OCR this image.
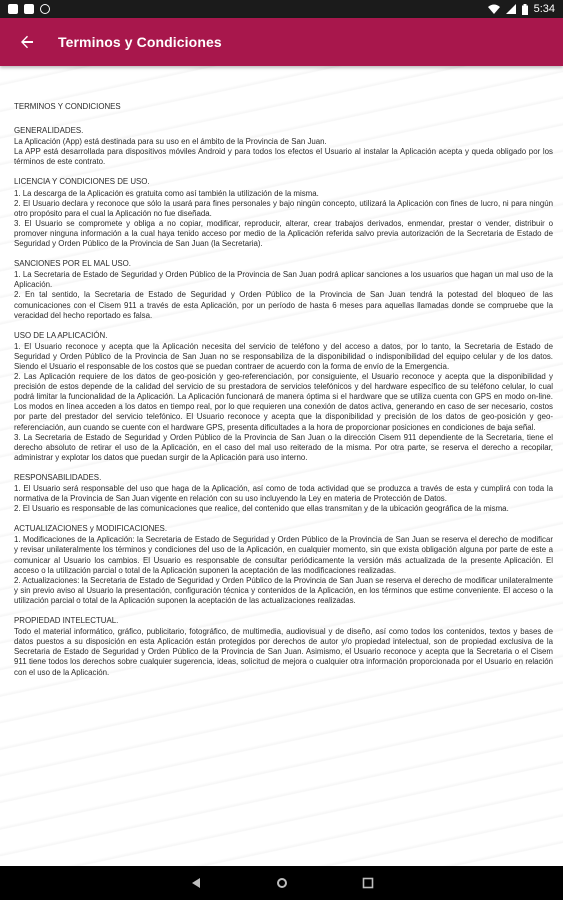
5:34
Terminos y Condiciones
TERMINOS Y CONDICIONES
GENERALIDADES.
La Aplicación (App) está destinada para su uso en el ámbito de la Provincia de San Juan.
La APP está desarrollada para dispositivos móviles Android y para todos los efectos el Usuario al instalar la Aplicación acepta y queda obligado por los términos de este contrato.
LICENCIA Y CONDICIONES DE USO.
1. La descarga de la Aplicación es gratuita como así también la utilización de la misma.
2. El Usuario declara y reconoce que sólo la usará para fines personales y bajo ningún concepto, utilizará la Aplicación con fines de lucro, ni para ningún otro propósito para el cual la Aplicación no fue diseñada.
3. El Usuario se compromete y obliga a no copiar, modificar, reproducir, alterar, crear trabajos derivados, enmendar, prestar o vender, distribuir o promover ninguna información a la cual haya tenido acceso por medio de la Aplicación referida salvo previa autorización de la Secretaria de Estado de Seguridad y Orden Público de la Provincia de San Juan (la Secretaria).
SANCIONES POR EL MAL USO.
1. La Secretaria de Estado de Seguridad y Orden Público de la Provincia de San Juan podrá aplicar sanciones a los usuarios que hagan un mal uso de la Aplicación.
2. En tal sentido, la Secretaria de Estado de Seguridad y Orden Público de la Provincia de San Juan tendrá la potestad del bloqueo de las comunicaciones con el Cisem 911 a través de esta Aplicación, por un período de hasta 6 meses para aquellas llamadas donde se compruebe que la veracidad del hecho reportado es falsa.
USO DE LA APLICACIÓN.
1. El Usuario reconoce y acepta que la Aplicación necesita del servicio de teléfono y del acceso a datos, por lo tanto, la Secretaria de Estado de Seguridad y Orden Público de la Provincia de San Juan no se responsabiliza de la disponibilidad o indisponibilidad del equipo celular y de los datos. Siendo el Usuario el responsable de los costos que se puedan contraer de acuerdo con la forma de envío de la Emergencia.
2. Las Aplicación requiere de los datos de geo-posición y geo-referenciación, por consiguiente, el Usuario reconoce y acepta que la disponibilidad y precisión de estos depende de la calidad del servicio de su prestadora de servicios telefónicos y del hardware específico de su teléfono celular, lo cual podrá limitar la funcionalidad de la Aplicación. La Aplicación funcionará de manera óptima si el hardware que se utiliza cuenta con GPS en modo on-line. Los modos en línea acceden a los datos en tiempo real, por lo que requieren una conexión de datos activa, generando en caso de ser necesario, costos por parte del prestador del servicio telefónico. El Usuario reconoce y acepta que la disponibilidad y precisión de los datos de geo-posición y geo-referenciación, aun cuando se cuente con el hardware GPS, presenta dificultades a la hora de proporcionar posiciones en condiciones de baja señal.
3. La Secretaria de Estado de Seguridad y Orden Público de la Provincia de San Juan o la dirección Cisem 911 dependiente de la Secretaria, tiene el derecho absoluto de retirar el uso de la Aplicación, en el caso del mal uso reiterado de la misma. Por otra parte, se reserva el derecho a recopilar, administrar y explotar los datos que puedan surgir de la Aplicación para uso interno.
RESPONSABILIDADES.
1. El Usuario será responsable del uso que haga de la Aplicación, así como de toda actividad que se produzca a través de esta y cumplirá con toda la normativa de la Provincia de San Juan vigente en relación con su uso incluyendo la Ley en materia de Protección de Datos.
2. El Usuario es responsable de las comunicaciones que realice, del contenido que ellas transmitan y de la ubicación geográfica de la misma.
ACTUALIZACIONES y MODIFICACIONES.
1. Modificaciones de la Aplicación: la Secretaria de Estado de Seguridad y Orden Público de la Provincia de San Juan se reserva el derecho de modificar y revisar unilateralmente los términos y condiciones del uso de la Aplicación, en cualquier momento, sin que exista obligación alguna por parte de este a comunicar al Usuario los cambios. El Usuario es responsable de consultar periódicamente la versión más actualizada de la presente Aplicación. El acceso o la utilización parcial o total de la Aplicación suponen la aceptación de las modificaciones realizadas.
2. Actualizaciones: la Secretaria de Estado de Seguridad y Orden Público de la Provincia de San Juan se reserva el derecho de modificar unilateralmente y sin previo aviso al Usuario la presentación, configuración técnica y contenidos de la Aplicación, en los términos que estime conveniente. El acceso o la utilización parcial o total de la Aplicación suponen la aceptación de las actualizaciones realizadas.
PROPIEDAD INTELECTUAL.
Todo el material informático, gráfico, publicitario, fotográfico, de multimedia, audiovisual y de diseño, así como todos los contenidos, textos y bases de datos puestos a su disposición en esta Aplicación están protegidos por derechos de autor y/o propiedad intelectual, son de propiedad exclusiva de la Secretaria de Estado de Seguridad y Orden Público de la Provincia de San Juan. Asimismo, el Usuario reconoce y acepta que la Secretaria o el Cisem 911 tiene todos los derechos sobre cualquier sugerencia, ideas, solicitud de mejora o cualquier otra información proporcionada por el Usuario en relación con el uso de la Aplicación.
